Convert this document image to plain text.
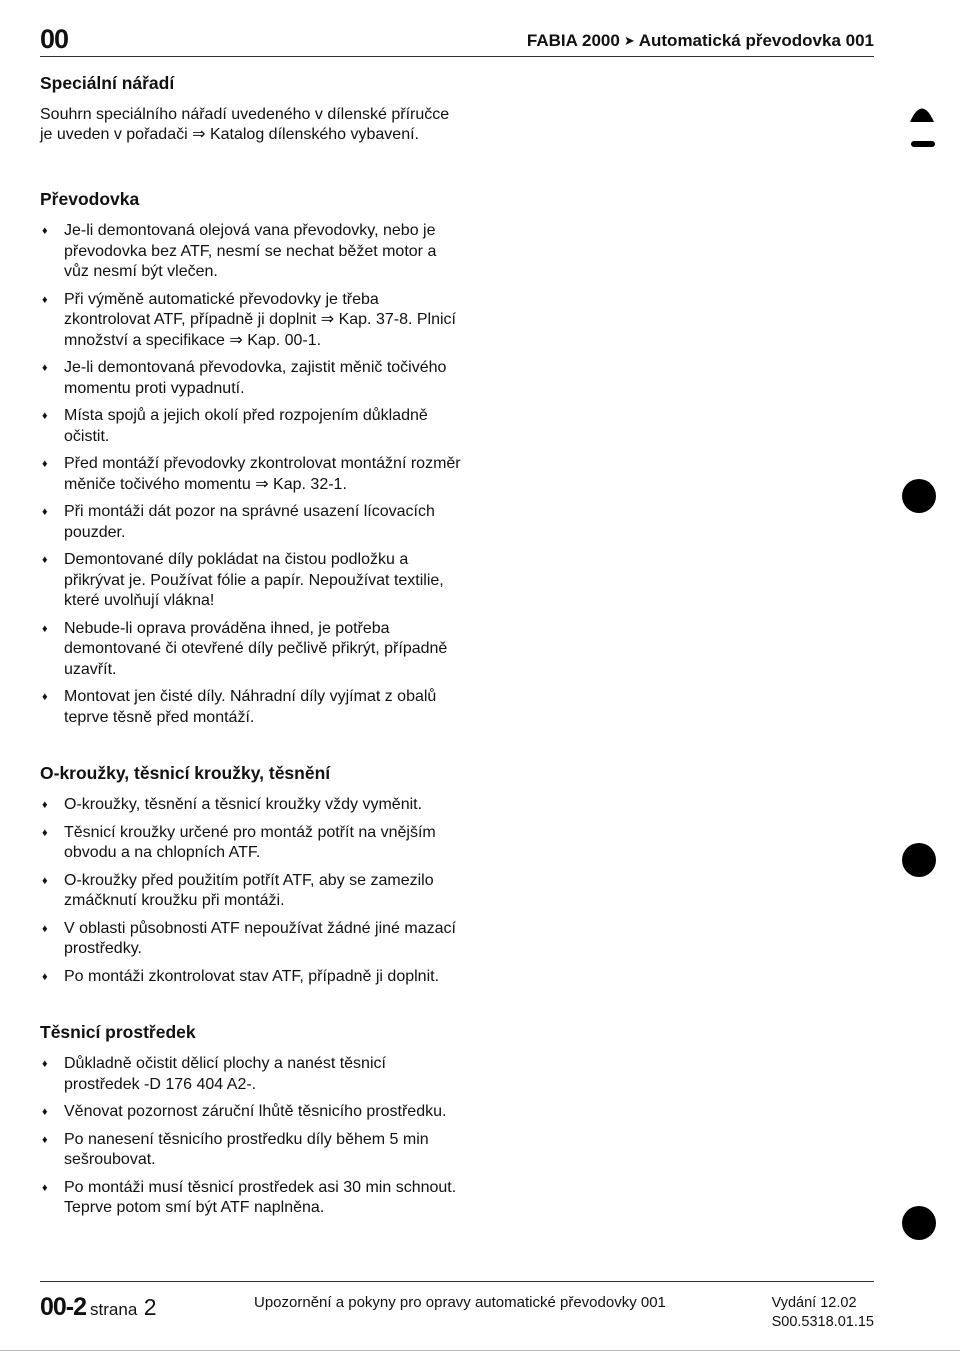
00	FABIA 2000 ➤ Automatická převodovka 001
Speciální nářadí

Souhrn speciálního nářadí uvedeného v dílenské příručce je uveden v pořadači ⇒ Katalog dílenského vybavení.

Převodovka
♦ Je-li demontovaná olejová vana převodovky, nebo je převodovka bez ATF, nesmí se nechat běžet motor a vůz nesmí být vlečen.
♦ Při výměně automatické převodovky je třeba zkontrolovat ATF, případně ji doplnit ⇒ Kap. 37-8. Plnicí množství a specifikace ⇒ Kap. 00-1.
♦ Je-li demontovaná převodovka, zajistit měnič točivého momentu proti vypadnutí.
♦ Místa spojů a jejich okolí před rozpojením důkladně očistit.
♦ Před montáží převodovky zkontrolovat montážní rozměr měniče točivého momentu ⇒ Kap. 32-1.
♦ Při montáži dát pozor na správné usazení lícovacích pouzder.
♦ Demontované díly pokládat na čistou podložku a přikrývat je. Používat fólie a papír. Nepoužívat textilie, které uvolňují vlákna!
♦ Nebude-li oprava prováděna ihned, je potřeba demontované či otevřené díly pečlivě přikrýt, případně uzavřít.
♦ Montovat jen čisté díly. Náhradní díly vyjímat z obalů teprve těsně před montáží.
O-kroužky, těsnicí kroužky, těsnění
♦ O-kroužky, těsnění a těsnicí kroužky vždy vyměnit.
♦ Těsnicí kroužky určené pro montáž potřít na vnějším obvodu a na chlopních ATF.
♦ O-kroužky před použitím potřít ATF, aby se zamezilo zmáčknutí kroužku při montáži.
♦ V oblasti působnosti ATF nepoužívat žádné jiné mazací prostředky.
♦ Po montáži zkontrolovat stav ATF, případně ji doplnit.
Těsnicí prostředek
♦ Důkladně očistit dělicí plochy a nanést těsnicí prostředek -D 176 404 A2-.
♦ Věnovat pozornost záruční lhůtě těsnicího prostředku.
♦ Po nanesení těsnicího prostředku díly během 5 min sešroubovat.
♦ Po montáži musí těsnicí prostředek asi 30 min schnout. Teprve potom smí být ATF naplněna.
00-2 strana 2	Upozornění a pokyny pro opravy automatické převodovky 001	Vydání 12.02
S00.5318.01.15
